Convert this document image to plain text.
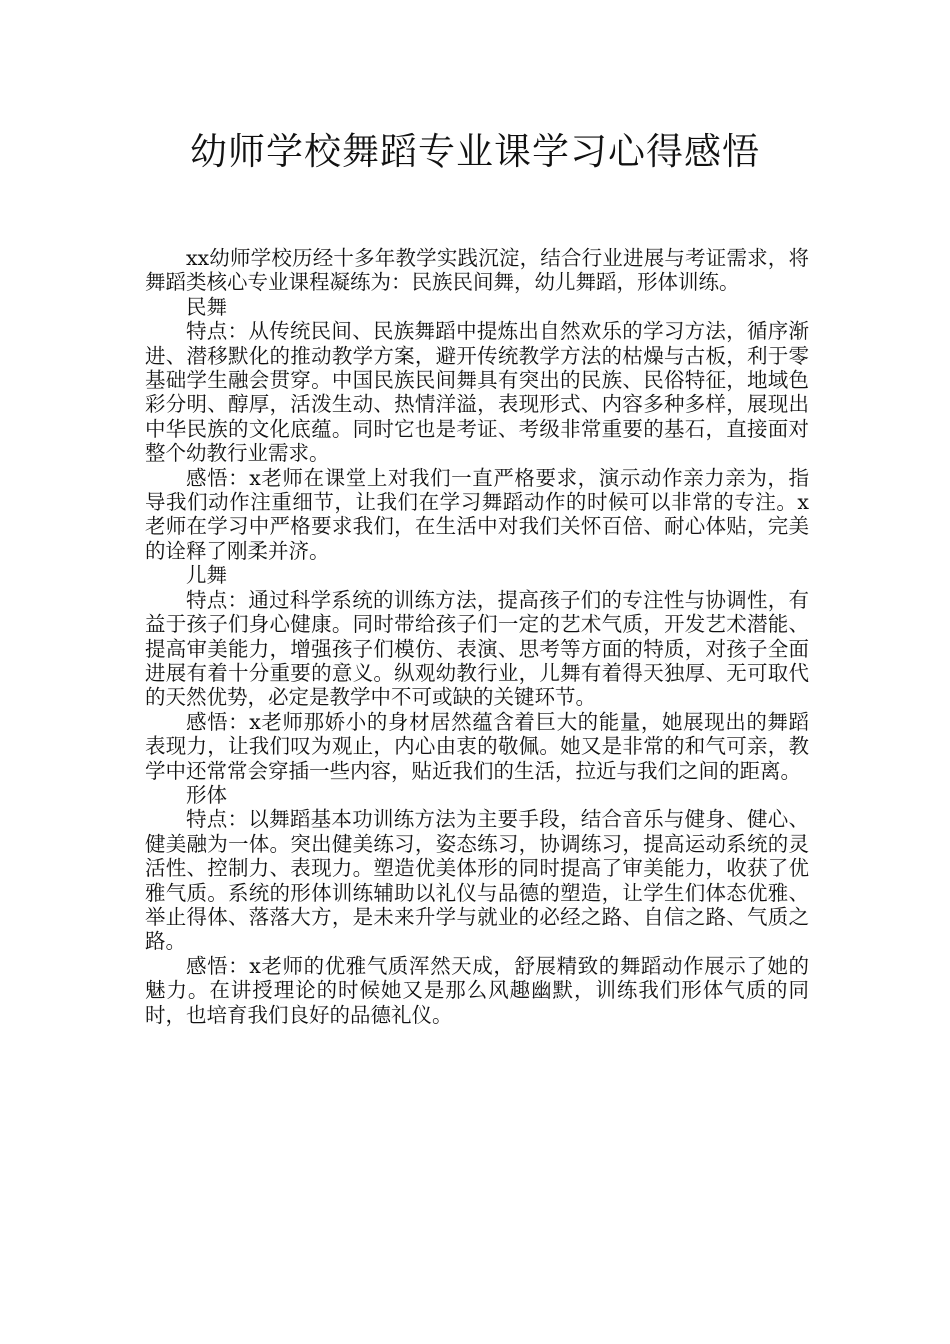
幼师学校舞蹈专业课学习心得感悟

xx幼师学校历经十多年教学实践沉淀，结合行业进展与考证需求，将舞蹈类核心专业课程凝练为：民族民间舞，幼儿舞蹈，形体训练。

民舞

特点：从传统民间、民族舞蹈中提炼出自然欢乐的学习方法，循序渐进、潜移默化的推动教学方案，避开传统教学方法的枯燥与古板，利于零基础学生融会贯穿。中国民族民间舞具有突出的民族、民俗特征，地域色彩分明、醇厚，活泼生动、热情洋溢，表现形式、内容多种多样，展现出中华民族的文化底蕴。同时它也是考证、考级非常重要的基石，直接面对整个幼教行业需求。

感悟：x老师在课堂上对我们一直严格要求，演示动作亲力亲为，指导我们动作注重细节，让我们在学习舞蹈动作的时候可以非常的专注。x老师在学习中严格要求我们，在生活中对我们关怀百倍、耐心体贴，完美的诠释了刚柔并济。

儿舞

特点：通过科学系统的训练方法，提高孩子们的专注性与协调性，有益于孩子们身心健康。同时带给孩子们一定的艺术气质，开发艺术潜能、提高审美能力，增强孩子们模仿、表演、思考等方面的特质，对孩子全面进展有着十分重要的意义。纵观幼教行业，儿舞有着得天独厚、无可取代的天然优势，必定是教学中不可或缺的关键环节。

感悟：x老师那娇小的身材居然蕴含着巨大的能量，她展现出的舞蹈表现力，让我们叹为观止，内心由衷的敬佩。她又是非常的和气可亲，教学中还常常会穿插一些内容，贴近我们的生活，拉近与我们之间的距离。

形体

特点：以舞蹈基本功训练方法为主要手段，结合音乐与健身、健心、健美融为一体。突出健美练习，姿态练习，协调练习，提高运动系统的灵活性、控制力、表现力。塑造优美体形的同时提高了审美能力，收获了优雅气质。系统的形体训练辅助以礼仪与品德的塑造，让学生们体态优雅、举止得体、落落大方，是未来升学与就业的必经之路、自信之路、气质之路。

感悟：x老师的优雅气质浑然天成，舒展精致的舞蹈动作展示了她的魅力。在讲授理论的时候她又是那么风趣幽默，训练我们形体气质的同时，也培育我们良好的品德礼仪。
